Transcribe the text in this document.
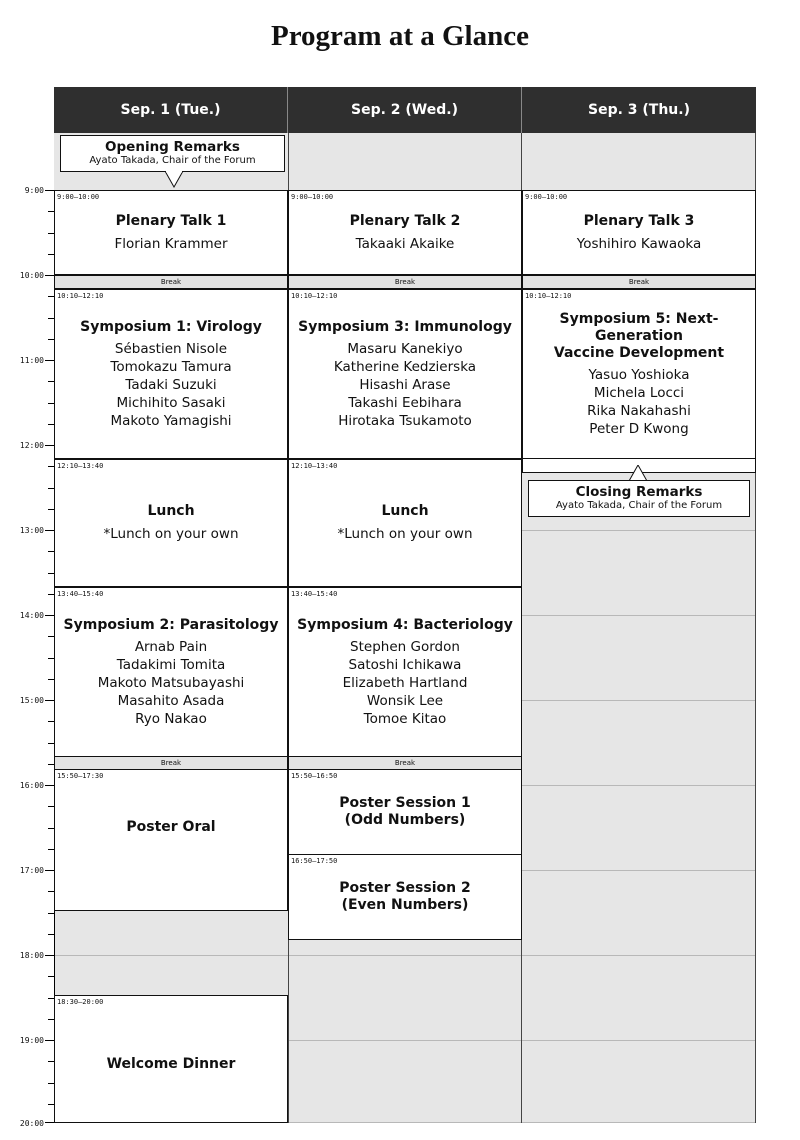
Program at a Glance
Sep. 1 (Tue.)	Sep. 2 (Wed.)	Sep. 3 (Thu.)
9:00
10:00
11:00
12:00
13:00
14:00
15:00
16:00
17:00
18:00
19:00
20:00
Opening Remarks
Ayato Takada, Chair of the Forum
9:00–10:00
Plenary Talk 1
Florian Krammer
Break
10:10–12:10
Symposium 1: Virology
Sébastien Nisole
Tomokazu Tamura
Tadaki Suzuki
Michihito Sasaki
Makoto Yamagishi
12:10–13:40
Lunch
*Lunch on your own
13:40–15:40
Symposium 2: Parasitology
Arnab Pain
Tadakimi Tomita
Makoto Matsubayashi
Masahito Asada
Ryo Nakao
Break
15:50–17:30
Poster Oral
18:30–20:00
Welcome Dinner
9:00–10:00
Plenary Talk 2
Takaaki Akaike
Break
10:10–12:10
Symposium 3: Immunology
Masaru Kanekiyo
Katherine Kedzierska
Hisashi Arase
Takashi Eebihara
Hirotaka Tsukamoto
12:10–13:40
Lunch
*Lunch on your own
13:40–15:40
Symposium 4: Bacteriology
Stephen Gordon
Satoshi Ichikawa
Elizabeth Hartland
Wonsik Lee
Tomoe Kitao
Break
15:50–16:50
Poster Session 1
(Odd Numbers)
16:50–17:50
Poster Session 2
(Even Numbers)
9:00–10:00
Plenary Talk 3
Yoshihiro Kawaoka
Break
10:10–12:10
Symposium 5: Next-Generation
Vaccine Development
Yasuo Yoshioka
Michela Locci
Rika Nakahashi
Peter D Kwong
Closing Remarks
Ayato Takada, Chair of the Forum
